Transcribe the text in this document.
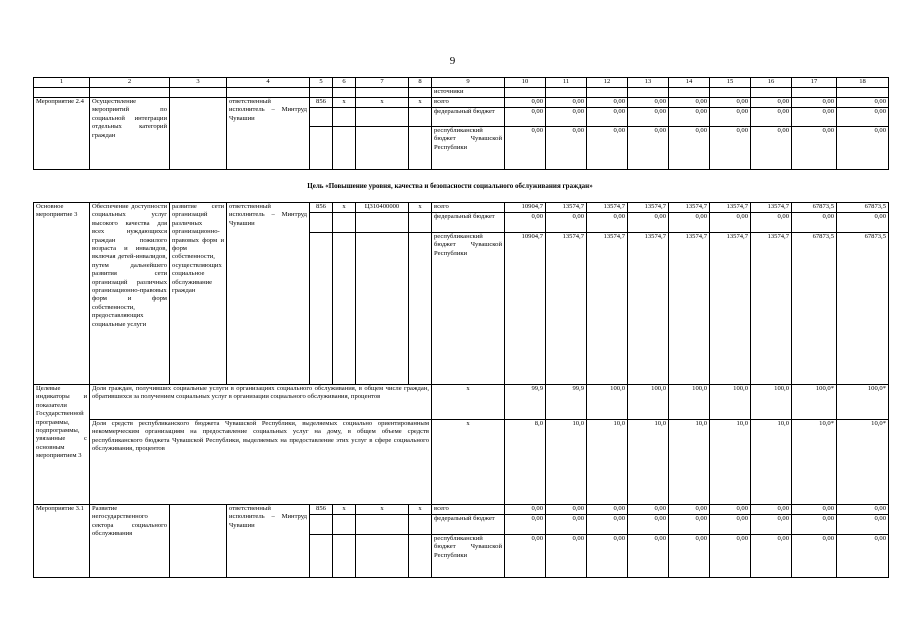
9
1	2	3	4	5	6	7	8	9	10	11	12	13	14	15	16	17	18
								источники									
Мероприятие 2.4	Осуществление мероприятий по социальной интеграции отдельных категорий граждан		ответственный исполнитель – Минтруд Чувашии	856	x	x	x	всего	0,00	0,00	0,00	0,00	0,00	0,00	0,00	0,00	0,00
								федеральный бюджет	0,00	0,00	0,00	0,00	0,00	0,00	0,00	0,00	0,00
								республиканский бюджет Чувашской Республики	0,00	0,00	0,00	0,00	0,00	0,00	0,00	0,00	0,00
Цель «Повышение уровня, качества и безопасности социального обслуживания граждан»
Основное мероприятие 3	Обеспечение доступности социальных услуг высокого качества для всех нуждающихся граждан пожилого возраста и инвалидов, включая детей-инвалидов, путем дальнейшего развития сети организаций различных организационно-правовых форм и форм собственности, предоставляющих социальные услуги	развитие сети организаций различных организационно-правовых форм и форм собственности, осуществляющих социальное обслуживание граждан	ответственный исполнитель – Минтруд Чувашии	856	x	Ц310400000	x	всего	10904,7	13574,7	13574,7	13574,7	13574,7	13574,7	13574,7	67873,5	67873,5
								федеральный бюджет	0,00	0,00	0,00	0,00	0,00	0,00	0,00	0,00	0,00
								республиканский бюджет Чувашской Республики	10904,7	13574,7	13574,7	13574,7	13574,7	13574,7	13574,7	67873,5	67873,5
Целевые индикаторы и показатели Государственной программы, подпрограммы, увязанные с основным мероприятием 3	Доля граждан, получивших социальные услуги в организациях социального обслуживания, в общем числе граждан, обратившихся за получением социальных услуг в организации социального обслуживания, процентов							x	99,9	99,9	100,0	100,0	100,0	100,0	100,0	100,0*	100,0*
	Доля средств республиканского бюджета Чувашской Республики, выделяемых социально ориентированным некоммерческим организациям на предоставление социальных услуг на дому, в общем объеме средств республиканского бюджета Чувашской Республики, выделяемых на предоставление этих услуг в сфере социального обслуживания, процентов							x	8,0	10,0	10,0	10,0	10,0	10,0	10,0	10,0*	10,0*
Мероприятие 3.1	Развитие негосударственного сектора социального обслуживания		ответственный исполнитель – Минтруд Чувашии	856	x	x	x	всего	0,00	0,00	0,00	0,00	0,00	0,00	0,00	0,00	0,00
								федеральный бюджет	0,00	0,00	0,00	0,00	0,00	0,00	0,00	0,00	0,00
								республиканский бюджет Чувашской Республики	0,00	0,00	0,00	0,00	0,00	0,00	0,00	0,00	0,00
